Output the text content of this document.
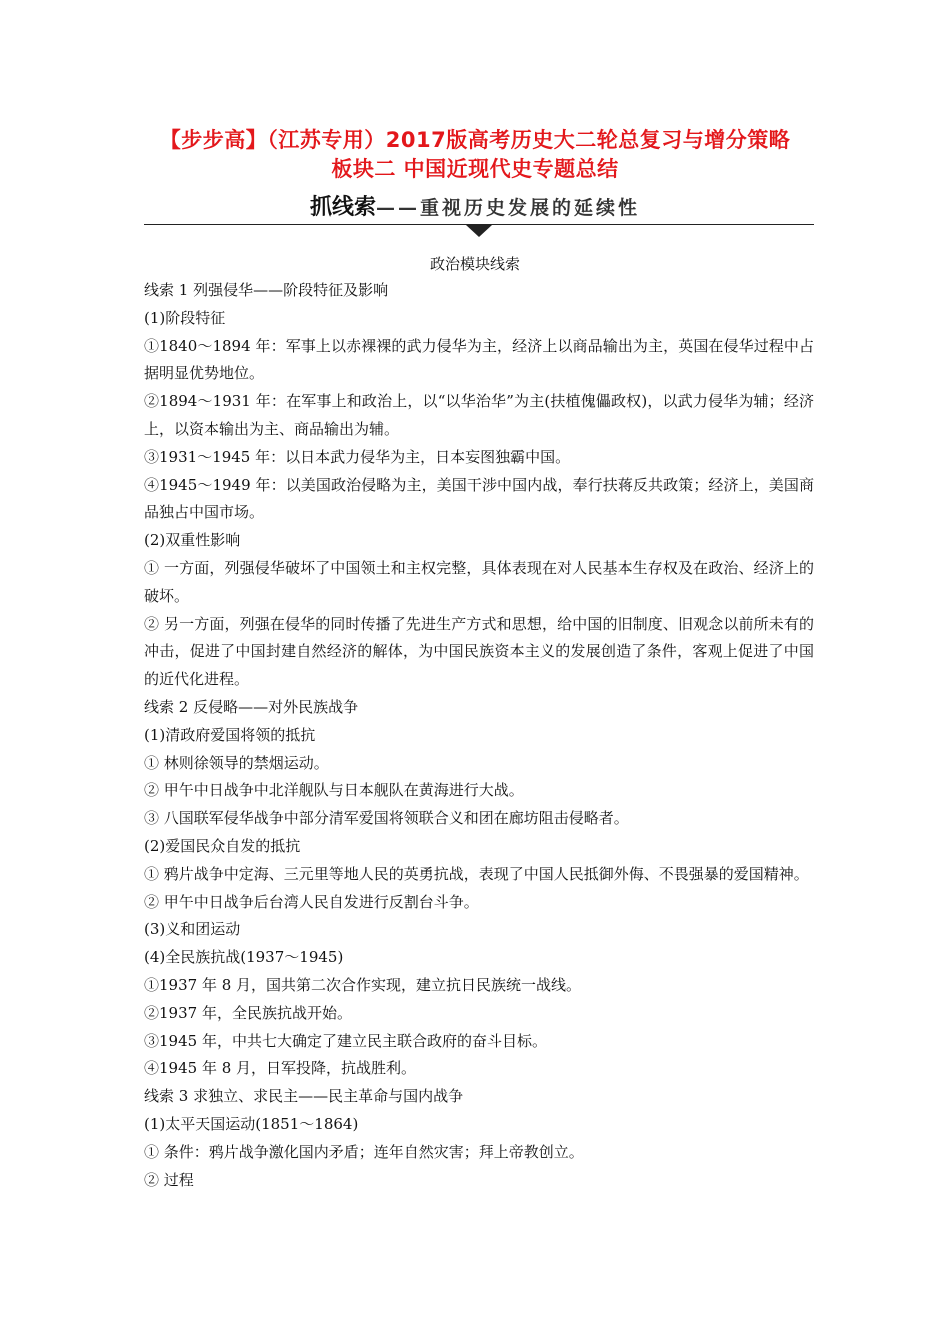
【步步高】（江苏专用）2017版高考历史大二轮总复习与增分策略
板块二 中国近现代史专题总结
抓线索——重视历史发展的延续性
政治模块线索

线索 1 列强侵华——阶段特征及影响

(1)阶段特征

①1840～1894 年：军事上以赤裸裸的武力侵华为主，经济上以商品输出为主，英国在侵华过程中占据明显优势地位。

②1894～1931 年：在军事上和政治上，以“以华治华”为主(扶植傀儡政权)，以武力侵华为辅；经济上，以资本输出为主、商品输出为辅。

③1931～1945 年：以日本武力侵华为主，日本妄图独霸中国。

④1945～1949 年：以美国政治侵略为主，美国干涉中国内战，奉行扶蒋反共政策；经济上，美国商品独占中国市场。

(2)双重性影响

① 一方面，列强侵华破坏了中国领土和主权完整，具体表现在对人民基本生存权及在政治、经济上的破坏。

② 另一方面，列强在侵华的同时传播了先进生产方式和思想，给中国的旧制度、旧观念以前所未有的冲击，促进了中国封建自然经济的解体，为中国民族资本主义的发展创造了条件，客观上促进了中国的近代化进程。

线索 2 反侵略——对外民族战争

(1)清政府爱国将领的抵抗

① 林则徐领导的禁烟运动。

② 甲午中日战争中北洋舰队与日本舰队在黄海进行大战。

③ 八国联军侵华战争中部分清军爱国将领联合义和团在廊坊阻击侵略者。

(2)爱国民众自发的抵抗

① 鸦片战争中定海、三元里等地人民的英勇抗战，表现了中国人民抵御外侮、不畏强暴的爱国精神。

② 甲午中日战争后台湾人民自发进行反割台斗争。

(3)义和团运动

(4)全民族抗战(1937～1945)

①1937 年 8 月，国共第二次合作实现，建立抗日民族统一战线。

②1937 年，全民族抗战开始。

③1945 年，中共七大确定了建立民主联合政府的奋斗目标。

④1945 年 8 月，日军投降，抗战胜利。

线索 3 求独立、求民主——民主革命与国内战争

(1)太平天国运动(1851～1864)

① 条件：鸦片战争激化国内矛盾；连年自然灾害；拜上帝教创立。

② 过程
